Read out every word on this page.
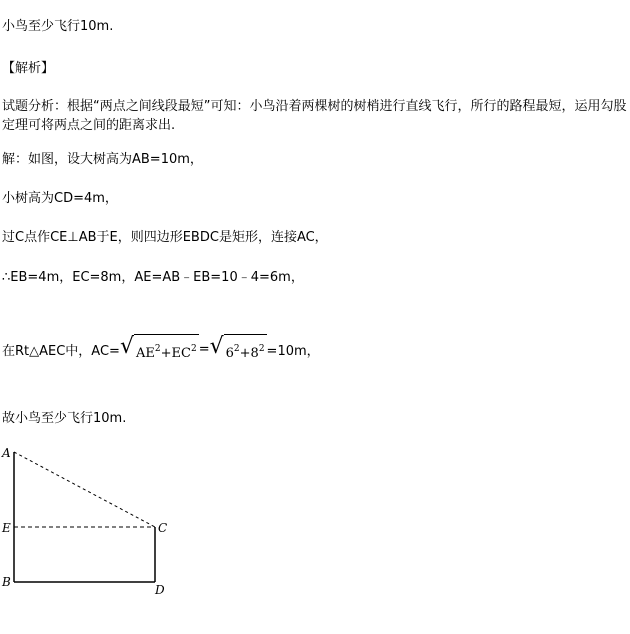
小鸟至少飞行10m.
【解析】
试题分析：根据“两点之间线段最短”可知：小鸟沿着两棵树的树梢进行直线飞行，所行的路程最短，运用勾股定理可将两点之间的距离求出.
解：如图，设大树高为AB=10m，
小树高为CD=4m，
过C点作CE⊥AB于E，则四边形EBDC是矩形，连接AC，
∴EB=4m，EC=8m，AE=AB﹣EB=10﹣4=6m，
在Rt△AEC中，AC= √ $AE^2+EC^2$ = √ $6^2+8^2 =10m$，
故小鸟至少飞行10m.
A
E
B
C
D
